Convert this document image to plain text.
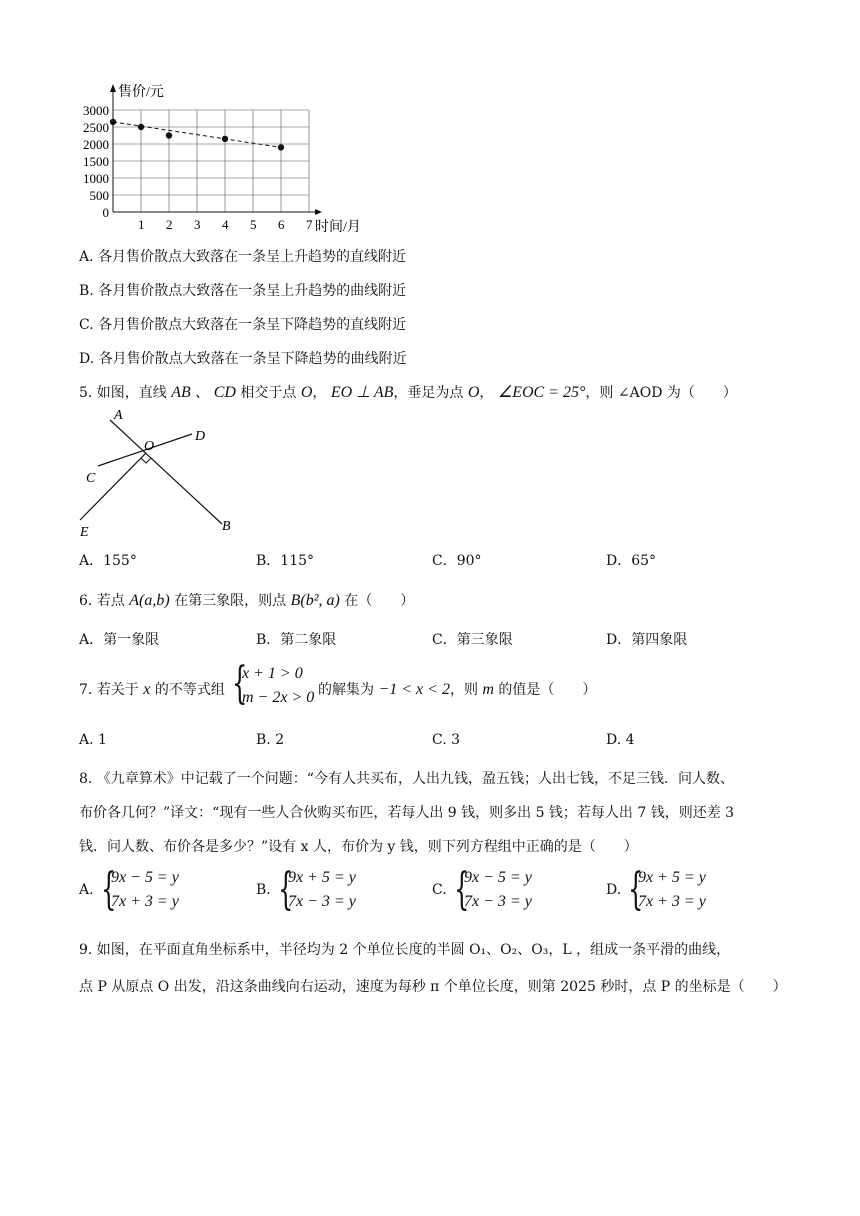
3000
2500
2000
1500
1000
500
0
1 2 3 4 5 6 7
售价/元
时间/月
A. 各月售价散点大致落在一条呈上升趋势的直线附近
B. 各月售价散点大致落在一条呈上升趋势的曲线附近
C. 各月售价散点大致落在一条呈下降趋势的直线附近
D. 各月售价散点大致落在一条呈下降趋势的曲线附近
5. 如图，直线 AB 、 CD 相交于点 O， EO ⊥ AB，垂足为点 O， ∠EOC = 25°，则 ∠AOD 为（　　）
A
O
D
C
E	B
A．155°	B．115°	C．90°	D．65°
6. 若点 A(a,b) 在第三象限，则点 B(b², a) 在（　　）
A．第一象限	B．第二象限	C．第三象限	D．第四象限
7. 若关于 x 的不等式组 {
x + 1 > 0
m − 2x > 0 的解集为 −1 < x < 2，则 m 的值是（　　）
A. 1	B. 2	C. 3	D. 4
8. 《九章算术》中记载了一个问题：“今有人共买布，人出九钱，盈五钱；人出七钱，不足三钱．问人数、
布价各几何？”译文：“现有一些人合伙购买布匹，若每人出 9 钱，则多出 5 钱；若每人出 7 钱，则还差 3
钱．问人数、布价各是多少？”设有 x 人，布价为 y 钱，则下列方程组中正确的是（　　）
A. {
9x − 5 = y
7x + 3 = y
B. {
9x + 5 = y
7x − 3 = y
C. {
9x − 5 = y
7x − 3 = y
D. {
9x + 5 = y
7x + 3 = y
9. 如图，在平面直角坐标系中，半径均为 2 个单位长度的半圆 O₁、O₂、O₃，L ，组成一条平滑的曲线，
点 P 从原点 O 出发，沿这条曲线向右运动，速度为每秒 π 个单位长度，则第 2025 秒时，点 P 的坐标是（　　）
